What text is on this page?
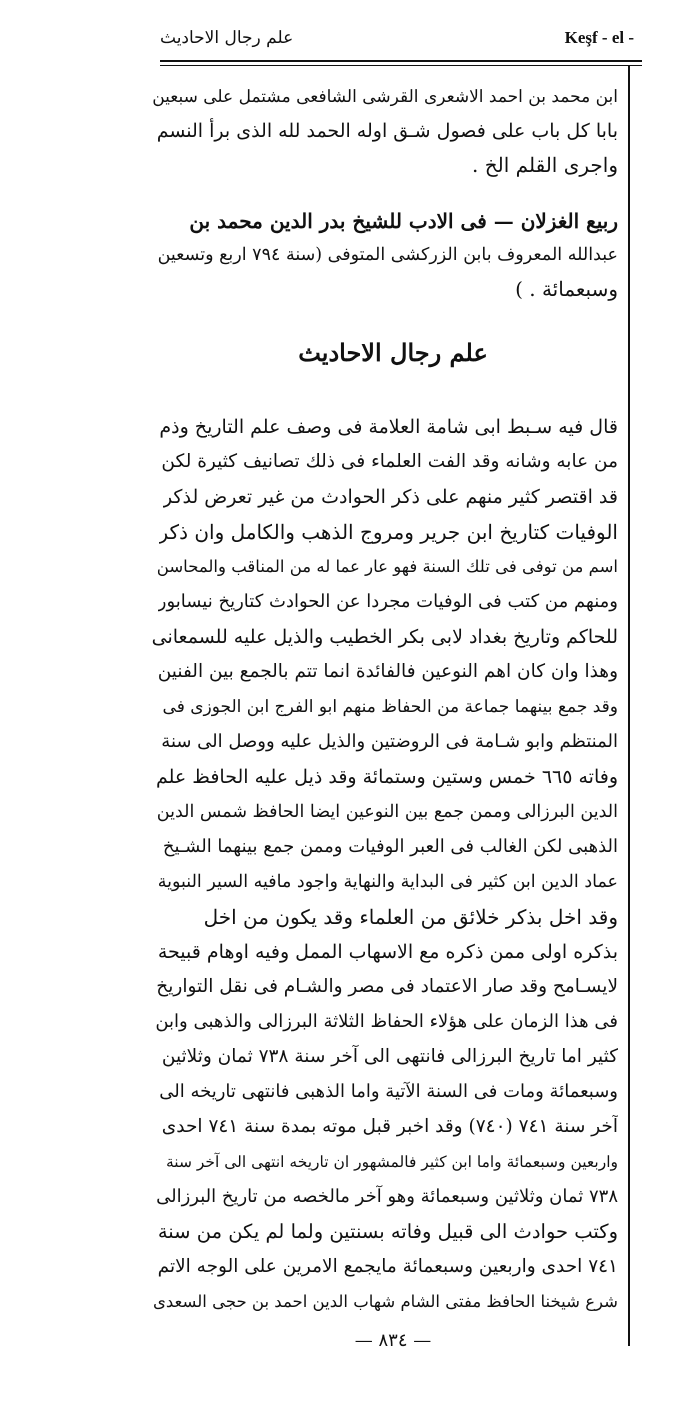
علم رجال الاحاديث	Keşf - el -
ابن محمد بن احمد الاشعرى القرشى الشافعى مشتمل على سبعين
بابا كل باب على فصول شـق اوله الحمد لله الذى برأ النسم
واجرى القلم الخ .
ربيع الغزلان — فى الادب للشيخ بدر الدين محمد بن
عبدالله المعروف بابن الزركشى المتوفى (سنة ٧٩٤ اربع وتسعين
وسبعمائة . )
علم رجال الاحاديث
قال فيه سـبط ابى شامة العلامة فى وصف علم التاريخ وذم
من عابه وشانه وقد الفت العلماء فى ذلك تصانيف كثيرة لكن
قد اقتصر كثير منهم على ذكر الحوادث من غير تعرض لذكر
الوفيات كتاريخ ابن جرير ومروج الذهب والكامل وان ذكر
اسم من توفى فى تلك السنة فهو عار عما له من المناقب والمحاسن
ومنهم من كتب فى الوفيات مجردا عن الحوادث كتاريخ نيسابور
للحاكم وتاريخ بغداد لابى بكر الخطيب والذيل عليه للسمعانى
وهذا وان كان اهم النوعين فالفائدة انما تتم بالجمع بين الفنين
وقد جمع بينهما جماعة من الحفاظ منهم ابو الفرج ابن الجوزى فى
المنتظم وابو شـامة فى الروضتين والذيل عليه ووصل الى سنة
وفاته ٦٦٥ خمس وستين وستمائة وقد ذيل عليه الحافظ علم
الدين البرزالى وممن جمع بين النوعين ايضا الحافظ شمس الدين
الذهبى لكن الغالب فى العبر الوفيات وممن جمع بينهما الشـيخ
عماد الدين ابن كثير فى البداية والنهاية واجود مافيه السير النبوية
وقد اخل بذكر خلائق من العلماء وقد يكون من اخل
بذكره اولى ممن ذكره مع الاسهاب الممل وفيه اوهام قبيحة
لايسـامح وقد صار الاعتماد فى مصر والشـام فى نقل التواريخ
فى هذا الزمان على هؤلاء الحفاظ الثلاثة البرزالى والذهبى وابن
كثير اما تاريخ البرزالى فانتهى الى آخر سنة ٧٣٨ ثمان وثلاثين
وسبعمائة ومات فى السنة الآتية واما الذهبى فانتهى تاريخه الى
آخر سنة ٧٤١ (٧٤٠) وقد اخبر قبل موته بمدة سنة ٧٤١ احدى
واربعين وسبعمائة واما ابن كثير فالمشهور ان تاريخه انتهى الى آخر سنة
٧٣٨ ثمان وثلاثين وسبعمائة وهو آخر مالخصه من تاريخ البرزالى
وكتب حوادث الى قبيل وفاته بسنتين ولما لم يكن من سنة
٧٤١ احدى واربعين وسبعمائة مايجمع الامرين على الوجه الاتم
شرع شيخنا الحافظ مفتى الشام شهاب الدين احمد بن حجى السعدى
— ٨٣٤ —
